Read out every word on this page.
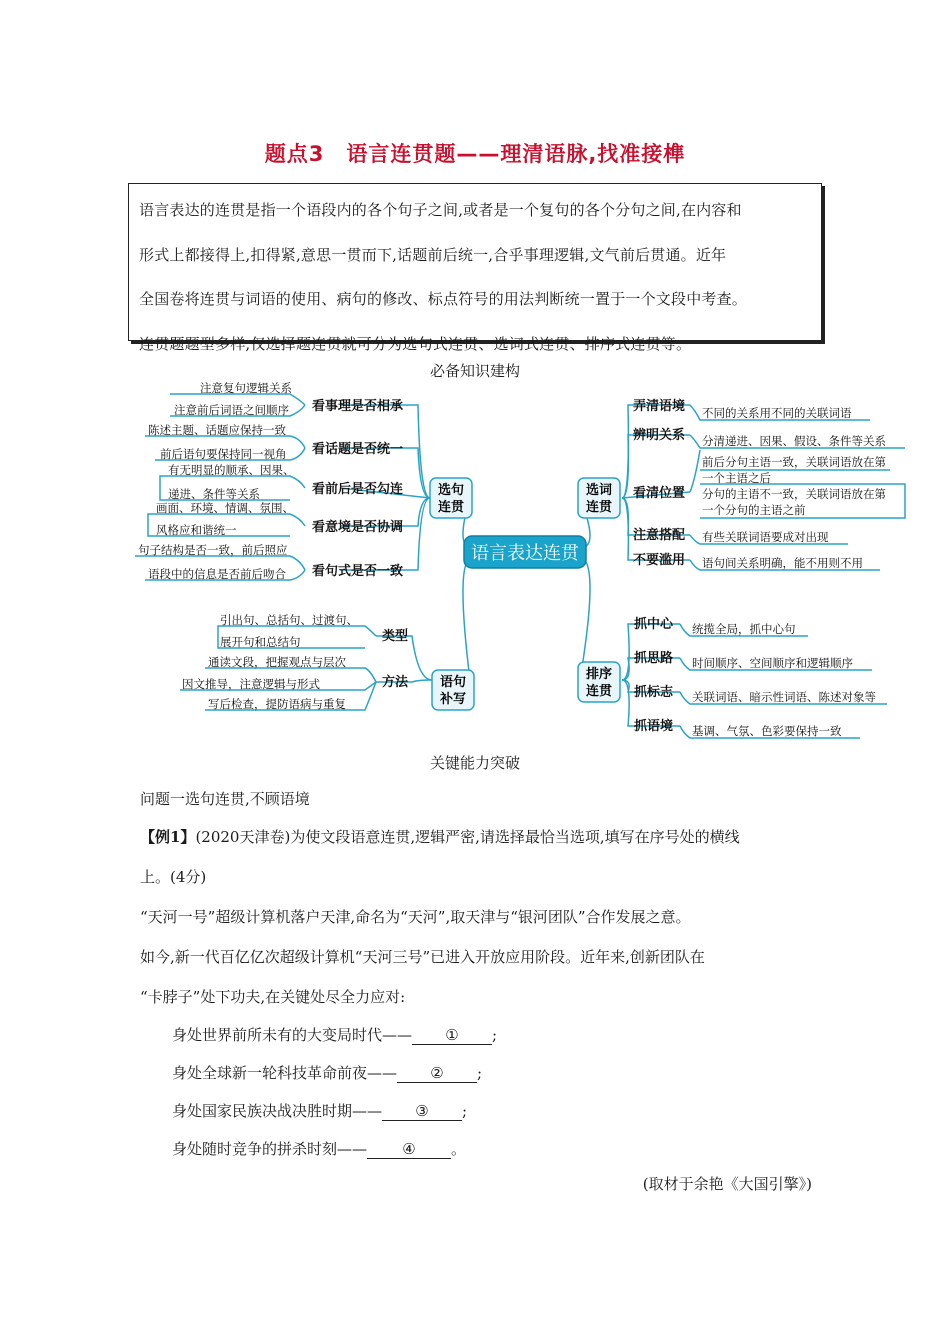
题点3　语言连贯题——理清语脉,找准接榫

语言表达的连贯是指一个语段内的各个句子之间,或者是一个复句的各个分句之间,在内容和

形式上都接得上,扣得紧,意思一贯而下,话题前后统一,合乎事理逻辑,文气前后贯通。近年

全国卷将连贯与词语的使用、病句的修改、标点符号的用法判断统一置于一个文段中考查。

连贯题题型多样,仅选择题连贯就可分为选句式连贯、选词式连贯、排序式连贯等。

必备知识建构
语言表达连贯
选句
连贯
选词
连贯
语句
补写
排序
连贯
看事理是否相承
看话题是否统一
看前后是否勾连
看意境是否协调
看句式是否一致
注意复句逻辑关系
注意前后词语之间顺序
陈述主题、话题应保持一致
前后语句要保持同一视角
有无明显的顺承、因果、
递进、条件等关系
画面、环境、情调、氛围、
风格应和谐统一
句子结构是否一致，前后照应
语段中的信息是否前后吻合
弄清语境
辨明关系
看清位置
注意搭配
不要滥用
不同的关系用不同的关联词语
分清递进、因果、假设、条件等关系
前后分句主语一致，关联词语放在第
一个主语之后
分句的主语不一致，关联词语放在第
一个分句的主语之前
有些关联词语要成对出现
语句间关系明确，能不用则不用
类型
方法
引出句、总括句、过渡句、
展开句和总结句
通读文段，把握观点与层次
因文推导，注意逻辑与形式
写后检查，提防语病与重复
抓中心
抓思路
抓标志
抓语境
统揽全局，抓中心句
时间顺序、空间顺序和逻辑顺序
关联词语、暗示性词语、陈述对象等
基调、气氛、色彩要保持一致
关键能力突破
问题一选句连贯,不顾语境
【例1】(2020天津卷)为使文段语意连贯,逻辑严密,请选择最恰当选项,填写在序号处的横线
上。(4分)
“天河一号”超级计算机落户天津,命名为“天河”,取天津与“银河团队”合作发展之意。
如今,新一代百亿亿次超级计算机“天河三号”已进入开放应用阶段。近年来,创新团队在
“卡脖子”处下功夫,在关键处尽全力应对:
身处世界前所未有的大变局时代—— ① ;
身处全球新一轮科技革命前夜—— ② ;
身处国家民族决战决胜时期—— ③ ;
身处随时竞争的拼杀时刻—— ④ 。
(取材于余艳《大国引擎》)
